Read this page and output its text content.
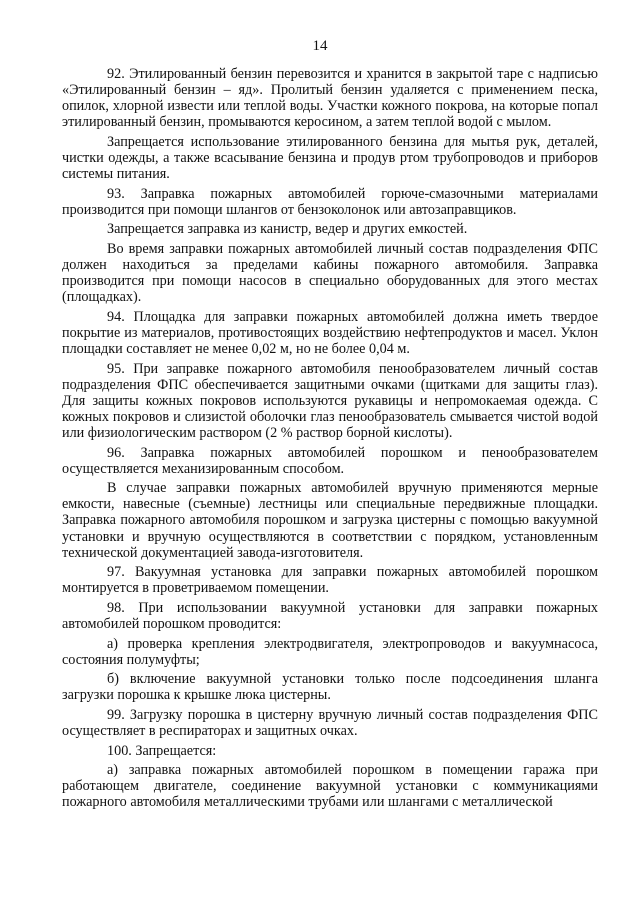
14

92. Этилированный бензин перевозится и хранится в закрытой таре с надписью «Этилированный бензин – яд». Пролитый бензин удаляется с применением песка, опилок, хлорной извести или теплой воды. Участки кожного покрова, на которые попал этилированный бензин, промываются керосином, а затем теплой водой с мылом.

Запрещается использование этилированного бензина для мытья рук, деталей, чистки одежды, а также всасывание бензина и продув ртом трубопроводов и приборов системы питания.

93. Заправка пожарных автомобилей горюче-смазочными материалами производится при помощи шлангов от бензоколонок или автозаправщиков.

Запрещается заправка из канистр, ведер и других емкостей.

Во время заправки пожарных автомобилей личный состав подразделения ФПС должен находиться за пределами кабины пожарного автомобиля. Заправка производится при помощи насосов в специально оборудованных для этого местах (площадках).

94. Площадка для заправки пожарных автомобилей должна иметь твердое покрытие из материалов, противостоящих воздействию нефтепродуктов и масел. Уклон площадки составляет не менее 0,02 м, но не более 0,04 м.

95. При заправке пожарного автомобиля пенообразователем личный состав подразделения ФПС обеспечивается защитными очками (щитками для защиты глаз). Для защиты кожных покровов используются рукавицы и непромокаемая одежда. С кожных покровов и слизистой оболочки глаз пенообразователь смывается чистой водой или физиологическим раствором (2 % раствор борной кислоты).

96. Заправка пожарных автомобилей порошком и пенообразователем осуществляется механизированным способом.

В случае заправки пожарных автомобилей вручную применяются мерные емкости, навесные (съемные) лестницы или специальные передвижные площадки. Заправка пожарного автомобиля порошком и загрузка цистерны с помощью вакуумной установки и вручную осуществляются в соответствии с порядком, установленным технической документацией завода-изготовителя.

97. Вакуумная установка для заправки пожарных автомобилей порошком монтируется в проветриваемом помещении.

98. При использовании вакуумной установки для заправки пожарных автомобилей порошком проводится:

а) проверка крепления электродвигателя, электропроводов и вакуумнасоса, состояния полумуфты;

б) включение вакуумной установки только после подсоединения шланга загрузки порошка к крышке люка цистерны.

99. Загрузку порошка в цистерну вручную личный состав подразделения ФПС осуществляет в респираторах и защитных очках.

100. Запрещается:

а) заправка пожарных автомобилей порошком в помещении гаража при работающем двигателе, соединение вакуумной установки с коммуникациями пожарного автомобиля металлическими трубами или шлангами с металлической
